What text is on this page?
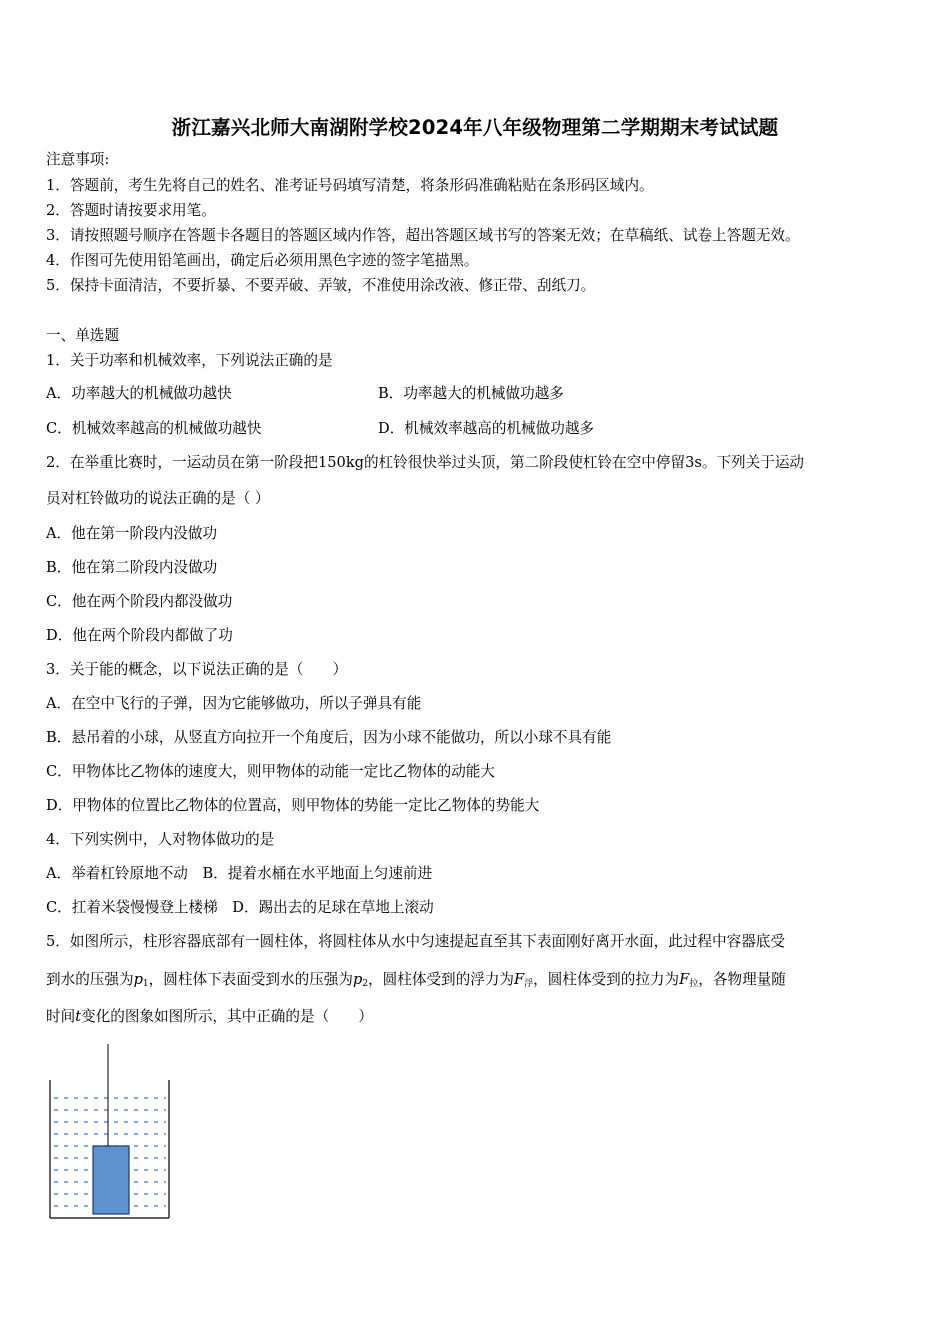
浙江嘉兴北师大南湖附学校2024年八年级物理第二学期期末考试试题
注意事项:
1．答题前，考生先将自己的姓名、准考证号码填写清楚，将条形码准确粘贴在条形码区域内。
2．答题时请按要求用笔。
3．请按照题号顺序在答题卡各题目的答题区域内作答，超出答题区域书写的答案无效；在草稿纸、试卷上答题无效。
4．作图可先使用铅笔画出，确定后必须用黑色字迹的签字笔描黑。
5．保持卡面清洁，不要折暴、不要弄破、弄皱，不准使用涂改液、修正带、刮纸刀。
一、单选题
1．关于功率和机械效率，下列说法正确的是
A．功率越大的机械做功越快	B．功率越大的机械做功越多
C．机械效率越高的机械做功越快	D．机械效率越高的机械做功越多
2．在举重比赛时，一运动员在第一阶段把150kg的杠铃很快举过头顶，第二阶段使杠铃在空中停留3s。下列关于运动
员对杠铃做功的说法正确的是（ ）
A．他在第一阶段内没做功
B．他在第二阶段内没做功
C．他在两个阶段内都没做功
D．他在两个阶段内都做了功
3．关于能的概念，以下说法正确的是（　　）
A．在空中飞行的子弹，因为它能够做功，所以子弹具有能
B．悬吊着的小球，从竖直方向拉开一个角度后，因为小球不能做功，所以小球不具有能
C．甲物体比乙物体的速度大，则甲物体的动能一定比乙物体的动能大
D．甲物体的位置比乙物体的位置高，则甲物体的势能一定比乙物体的势能大
4．下列实例中，人对物体做功的是
A．举着杠铃原地不动　B．提着水桶在水平地面上匀速前进
C．扛着米袋慢慢登上楼梯　D．踢出去的足球在草地上滚动
5．如图所示，柱形容器底部有一圆柱体，将圆柱体从水中匀速提起直至其下表面刚好离开水面，此过程中容器底受
到水的压强为$p_1$，圆柱体下表面受到水的压强为$p_2$，圆柱体受到的浮力为$F_浮$，圆柱体受到的拉力为$F_拉$，各物理量随
时间t变化的图象如图所示，其中正确的是（　　）
